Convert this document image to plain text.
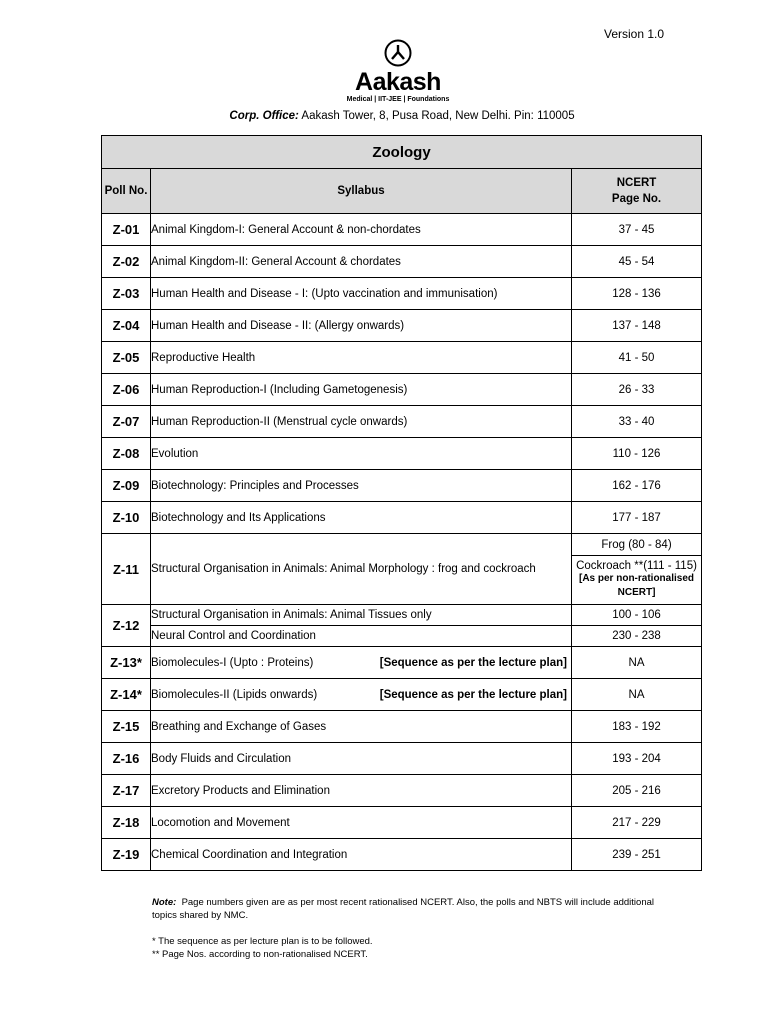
Version 1.0
Aakash
Medical | IIT-JEE | Foundations
Corp. Office: Aakash Tower, 8, Pusa Road, New Delhi. Pin: 110005
Zoology		
Poll No.	Syllabus	NCERT
Page No.
Z-01	Animal Kingdom-I: General Account & non-chordates	37 - 45
Z-02	Animal Kingdom-II: General Account & chordates	45 - 54
Z-03	Human Health and Disease - I: (Upto vaccination and immunisation)	128 - 136
Z-04	Human Health and Disease - II: (Allergy onwards)	137 - 148
Z-05	Reproductive Health	41 - 50
Z-06	Human Reproduction-I (Including Gametogenesis)	26 - 33
Z-07	Human Reproduction-II (Menstrual cycle onwards)	33 - 40
Z-08	Evolution	110 - 126
Z-09	Biotechnology: Principles and Processes	162 - 176
Z-10	Biotechnology and Its Applications	177 - 187
Z-11	Structural Organisation in Animals: Animal Morphology : frog and cockroach	Frog (80 - 84)

		Cockroach **(111 - 115)
[As per non-rationalised
NCERT]

Z-12	Structural Organisation in Animals: Animal Tissues only	100 - 106
	Neural Control and Coordination	230 - 238
Z-13*	Biomolecules-I (Upto : Proteins) [Sequence as per the lecture plan]	NA
Z-14*	Biomolecules-II (Lipids onwards) [Sequence as per the lecture plan]	NA
Z-15	Breathing and Exchange of Gases	183 - 192
Z-16	Body Fluids and Circulation	193 - 204
Z-17	Excretory Products and Elimination	205 - 216
Z-18	Locomotion and Movement	217 - 229
Z-19	Chemical Coordination and Integration	239 - 251

Note: Page numbers given are as per most recent rationalised NCERT. Also, the polls and NBTS will include additional topics shared by NMC.

* The sequence as per lecture plan is to be followed.

** Page Nos. according to non-rationalised NCERT.
